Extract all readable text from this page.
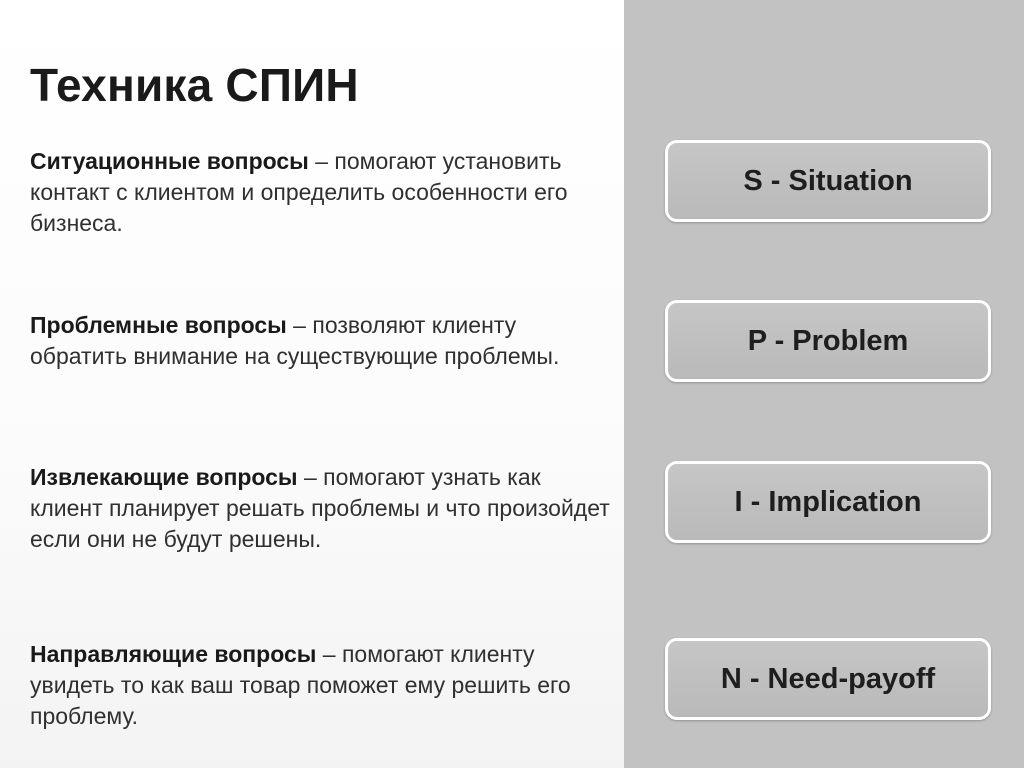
Техника СПИН

Ситуационные вопросы – помогают установить контакт с клиентом и определить особенности его бизнеса.

Проблемные вопросы – позволяют клиенту обратить внимание на существующие проблемы.

Извлекающие вопросы – помогают узнать как клиент планирует решать проблемы и что произойдет если они не будут решены.

Направляющие вопросы – помогают клиенту увидеть то как ваш товар поможет ему решить его проблему.

S - Situation
P - Problem
I - Implication
N - Need-payoff
